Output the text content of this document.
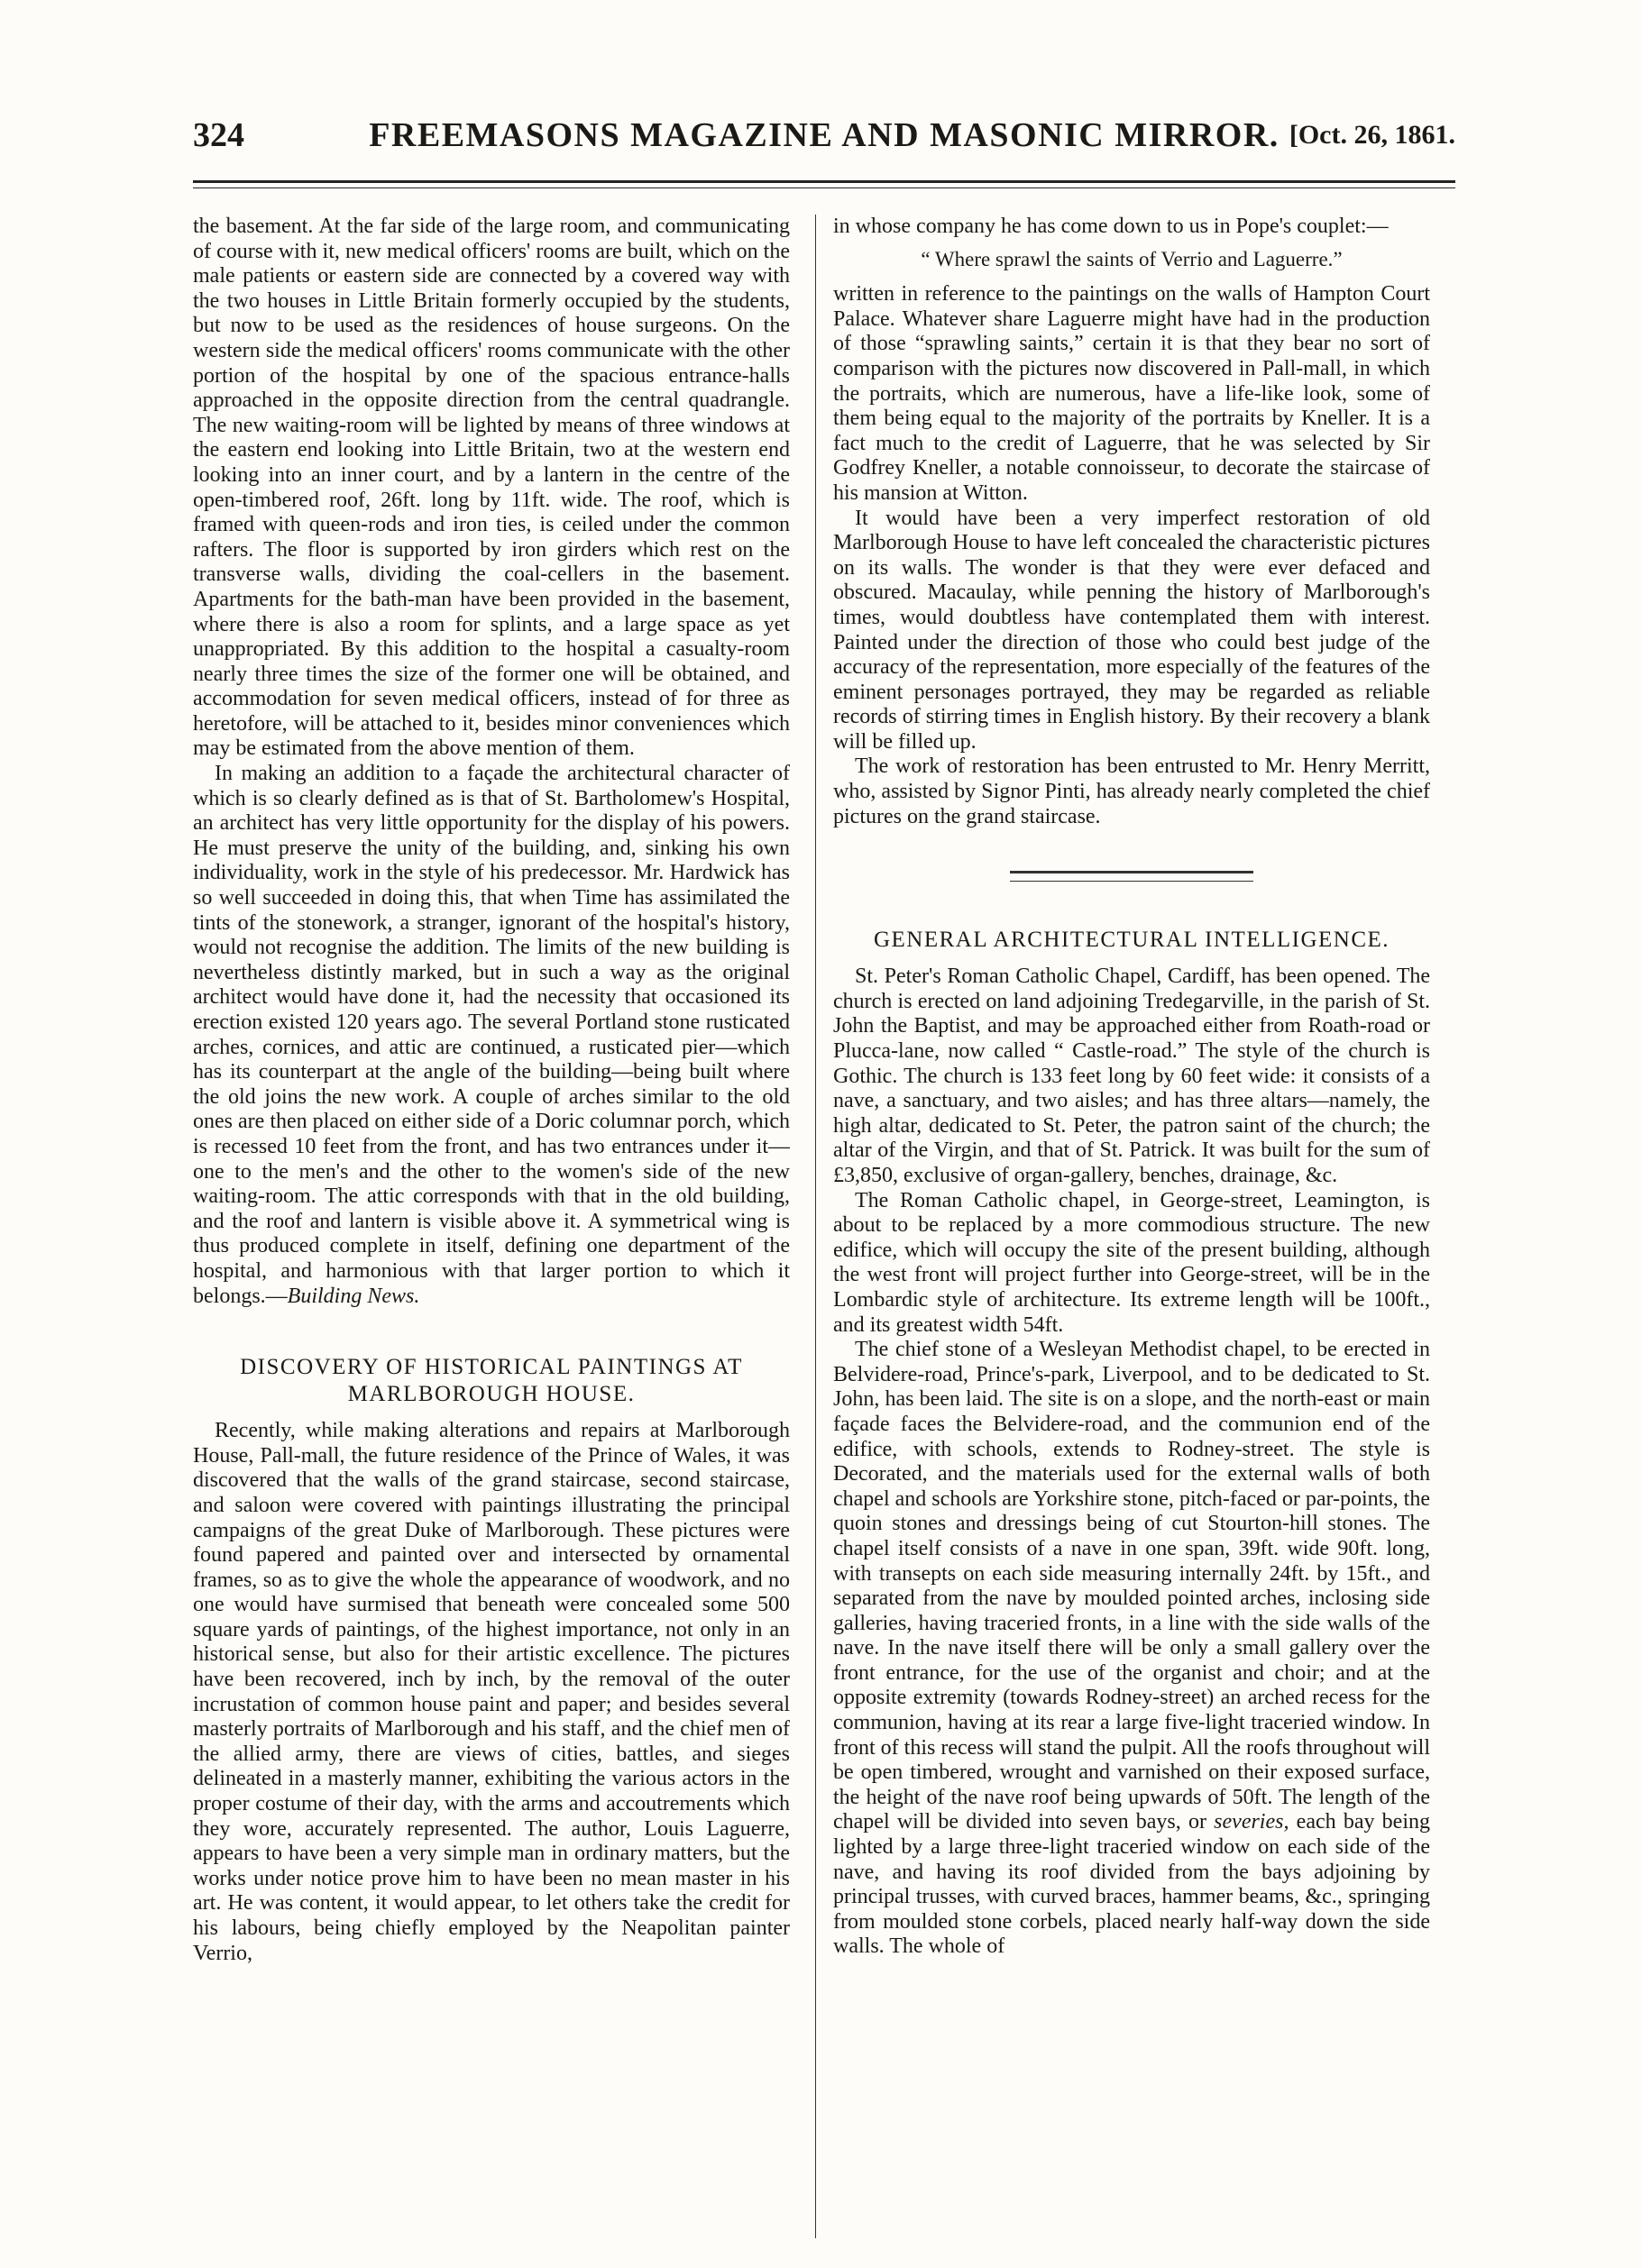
324	FREEMASONS MAGAZINE AND MASONIC MIRROR. [Oct. 26, 1861.

the basement. At the far side of the large room, and communicating of course with it, new medical officers' rooms are built, which on the male patients or eastern side are connected by a covered way with the two houses in Little Britain formerly occupied by the students, but now to be used as the residences of house surgeons. On the western side the medical officers' rooms communicate with the other portion of the hospital by one of the spacious entrance-halls approached in the opposite direction from the central quadrangle. The new waiting-room will be lighted by means of three windows at the eastern end looking into Little Britain, two at the western end looking into an inner court, and by a lantern in the centre of the open-timbered roof, 26ft. long by 11ft. wide. The roof, which is framed with queen-rods and iron ties, is ceiled under the common rafters. The floor is supported by iron girders which rest on the transverse walls, dividing the coal-cellers in the basement. Apartments for the bath-man have been provided in the basement, where there is also a room for splints, and a large space as yet unappropriated. By this addition to the hospital a casualty-room nearly three times the size of the former one will be obtained, and accommodation for seven medical officers, instead of for three as heretofore, will be attached to it, besides minor conveniences which may be estimated from the above mention of them.

In making an addition to a façade the architectural character of which is so clearly defined as is that of St. Bartholomew's Hospital, an architect has very little opportunity for the display of his powers. He must preserve the unity of the building, and, sinking his own individuality, work in the style of his predecessor. Mr. Hardwick has so well succeeded in doing this, that when Time has assimilated the tints of the stonework, a stranger, ignorant of the hospital's history, would not recognise the addition. The limits of the new building is nevertheless distintly marked, but in such a way as the original architect would have done it, had the necessity that occasioned its erection existed 120 years ago. The several Portland stone rusticated arches, cornices, and attic are continued, a rusticated pier—which has its counterpart at the angle of the building—being built where the old joins the new work. A couple of arches similar to the old ones are then placed on either side of a Doric columnar porch, which is recessed 10 feet from the front, and has two entrances under it—one to the men's and the other to the women's side of the new waiting-room. The attic corresponds with that in the old building, and the roof and lantern is visible above it. A symmetrical wing is thus produced complete in itself, defining one department of the hospital, and harmonious with that larger portion to which it belongs.—Building News.

DISCOVERY OF HISTORICAL PAINTINGS AT MARLBOROUGH HOUSE.

Recently, while making alterations and repairs at Marlborough House, Pall-mall, the future residence of the Prince of Wales, it was discovered that the walls of the grand staircase, second staircase, and saloon were covered with paintings illustrating the principal campaigns of the great Duke of Marlborough. These pictures were found papered and painted over and intersected by ornamental frames, so as to give the whole the appearance of woodwork, and no one would have surmised that beneath were concealed some 500 square yards of paintings, of the highest importance, not only in an historical sense, but also for their artistic excellence. The pictures have been recovered, inch by inch, by the removal of the outer incrustation of common house paint and paper; and besides several masterly portraits of Marlborough and his staff, and the chief men of the allied army, there are views of cities, battles, and sieges delineated in a masterly manner, exhibiting the various actors in the proper costume of their day, with the arms and accoutrements which they wore, accurately represented. The author, Louis Laguerre, appears to have been a very simple man in ordinary matters, but the works under notice prove him to have been no mean master in his art. He was content, it would appear, to let others take the credit for his labours, being chiefly employed by the Neapolitan painter Verrio,

in whose company he has come down to us in Pope's couplet:—

“ Where sprawl the saints of Verrio and Laguerre.”

written in reference to the paintings on the walls of Hampton Court Palace. Whatever share Laguerre might have had in the production of those “sprawling saints,” certain it is that they bear no sort of comparison with the pictures now discovered in Pall-mall, in which the portraits, which are numerous, have a life-like look, some of them being equal to the majority of the portraits by Kneller. It is a fact much to the credit of Laguerre, that he was selected by Sir Godfrey Kneller, a notable connoisseur, to decorate the staircase of his mansion at Witton.

It would have been a very imperfect restoration of old Marlborough House to have left concealed the characteristic pictures on its walls. The wonder is that they were ever defaced and obscured. Macaulay, while penning the history of Marlborough's times, would doubtless have contemplated them with interest. Painted under the direction of those who could best judge of the accuracy of the representation, more especially of the features of the eminent personages portrayed, they may be regarded as reliable records of stirring times in English history. By their recovery a blank will be filled up.

The work of restoration has been entrusted to Mr. Henry Merritt, who, assisted by Signor Pinti, has already nearly completed the chief pictures on the grand staircase.

GENERAL ARCHITECTURAL INTELLIGENCE.

St. Peter's Roman Catholic Chapel, Cardiff, has been opened. The church is erected on land adjoining Tredegarville, in the parish of St. John the Baptist, and may be approached either from Roath-road or Plucca-lane, now called “ Castle-road.” The style of the church is Gothic. The church is 133 feet long by 60 feet wide: it consists of a nave, a sanctuary, and two aisles; and has three altars—namely, the high altar, dedicated to St. Peter, the patron saint of the church; the altar of the Virgin, and that of St. Patrick. It was built for the sum of £3,850, exclusive of organ-gallery, benches, drainage, &c.

The Roman Catholic chapel, in George-street, Leamington, is about to be replaced by a more commodious structure. The new edifice, which will occupy the site of the present building, although the west front will project further into George-street, will be in the Lombardic style of architecture. Its extreme length will be 100ft., and its greatest width 54ft.

The chief stone of a Wesleyan Methodist chapel, to be erected in Belvidere-road, Prince's-park, Liverpool, and to be dedicated to St. John, has been laid. The site is on a slope, and the north-east or main façade faces the Belvidere-road, and the communion end of the edifice, with schools, extends to Rodney-street. The style is Decorated, and the materials used for the external walls of both chapel and schools are Yorkshire stone, pitch-faced or par-points, the quoin stones and dressings being of cut Stourton-hill stones. The chapel itself consists of a nave in one span, 39ft. wide 90ft. long, with transepts on each side measuring internally 24ft. by 15ft., and separated from the nave by moulded pointed arches, inclosing side galleries, having traceried fronts, in a line with the side walls of the nave. In the nave itself there will be only a small gallery over the front entrance, for the use of the organist and choir; and at the opposite extremity (towards Rodney-street) an arched recess for the communion, having at its rear a large five-light traceried window. In front of this recess will stand the pulpit. All the roofs throughout will be open timbered, wrought and varnished on their exposed surface, the height of the nave roof being upwards of 50ft. The length of the chapel will be divided into seven bays, or severies, each bay being lighted by a large three-light traceried window on each side of the nave, and having its roof divided from the bays adjoining by principal trusses, with curved braces, hammer beams, &c., springing from moulded stone corbels, placed nearly half-way down the side walls. The whole of
